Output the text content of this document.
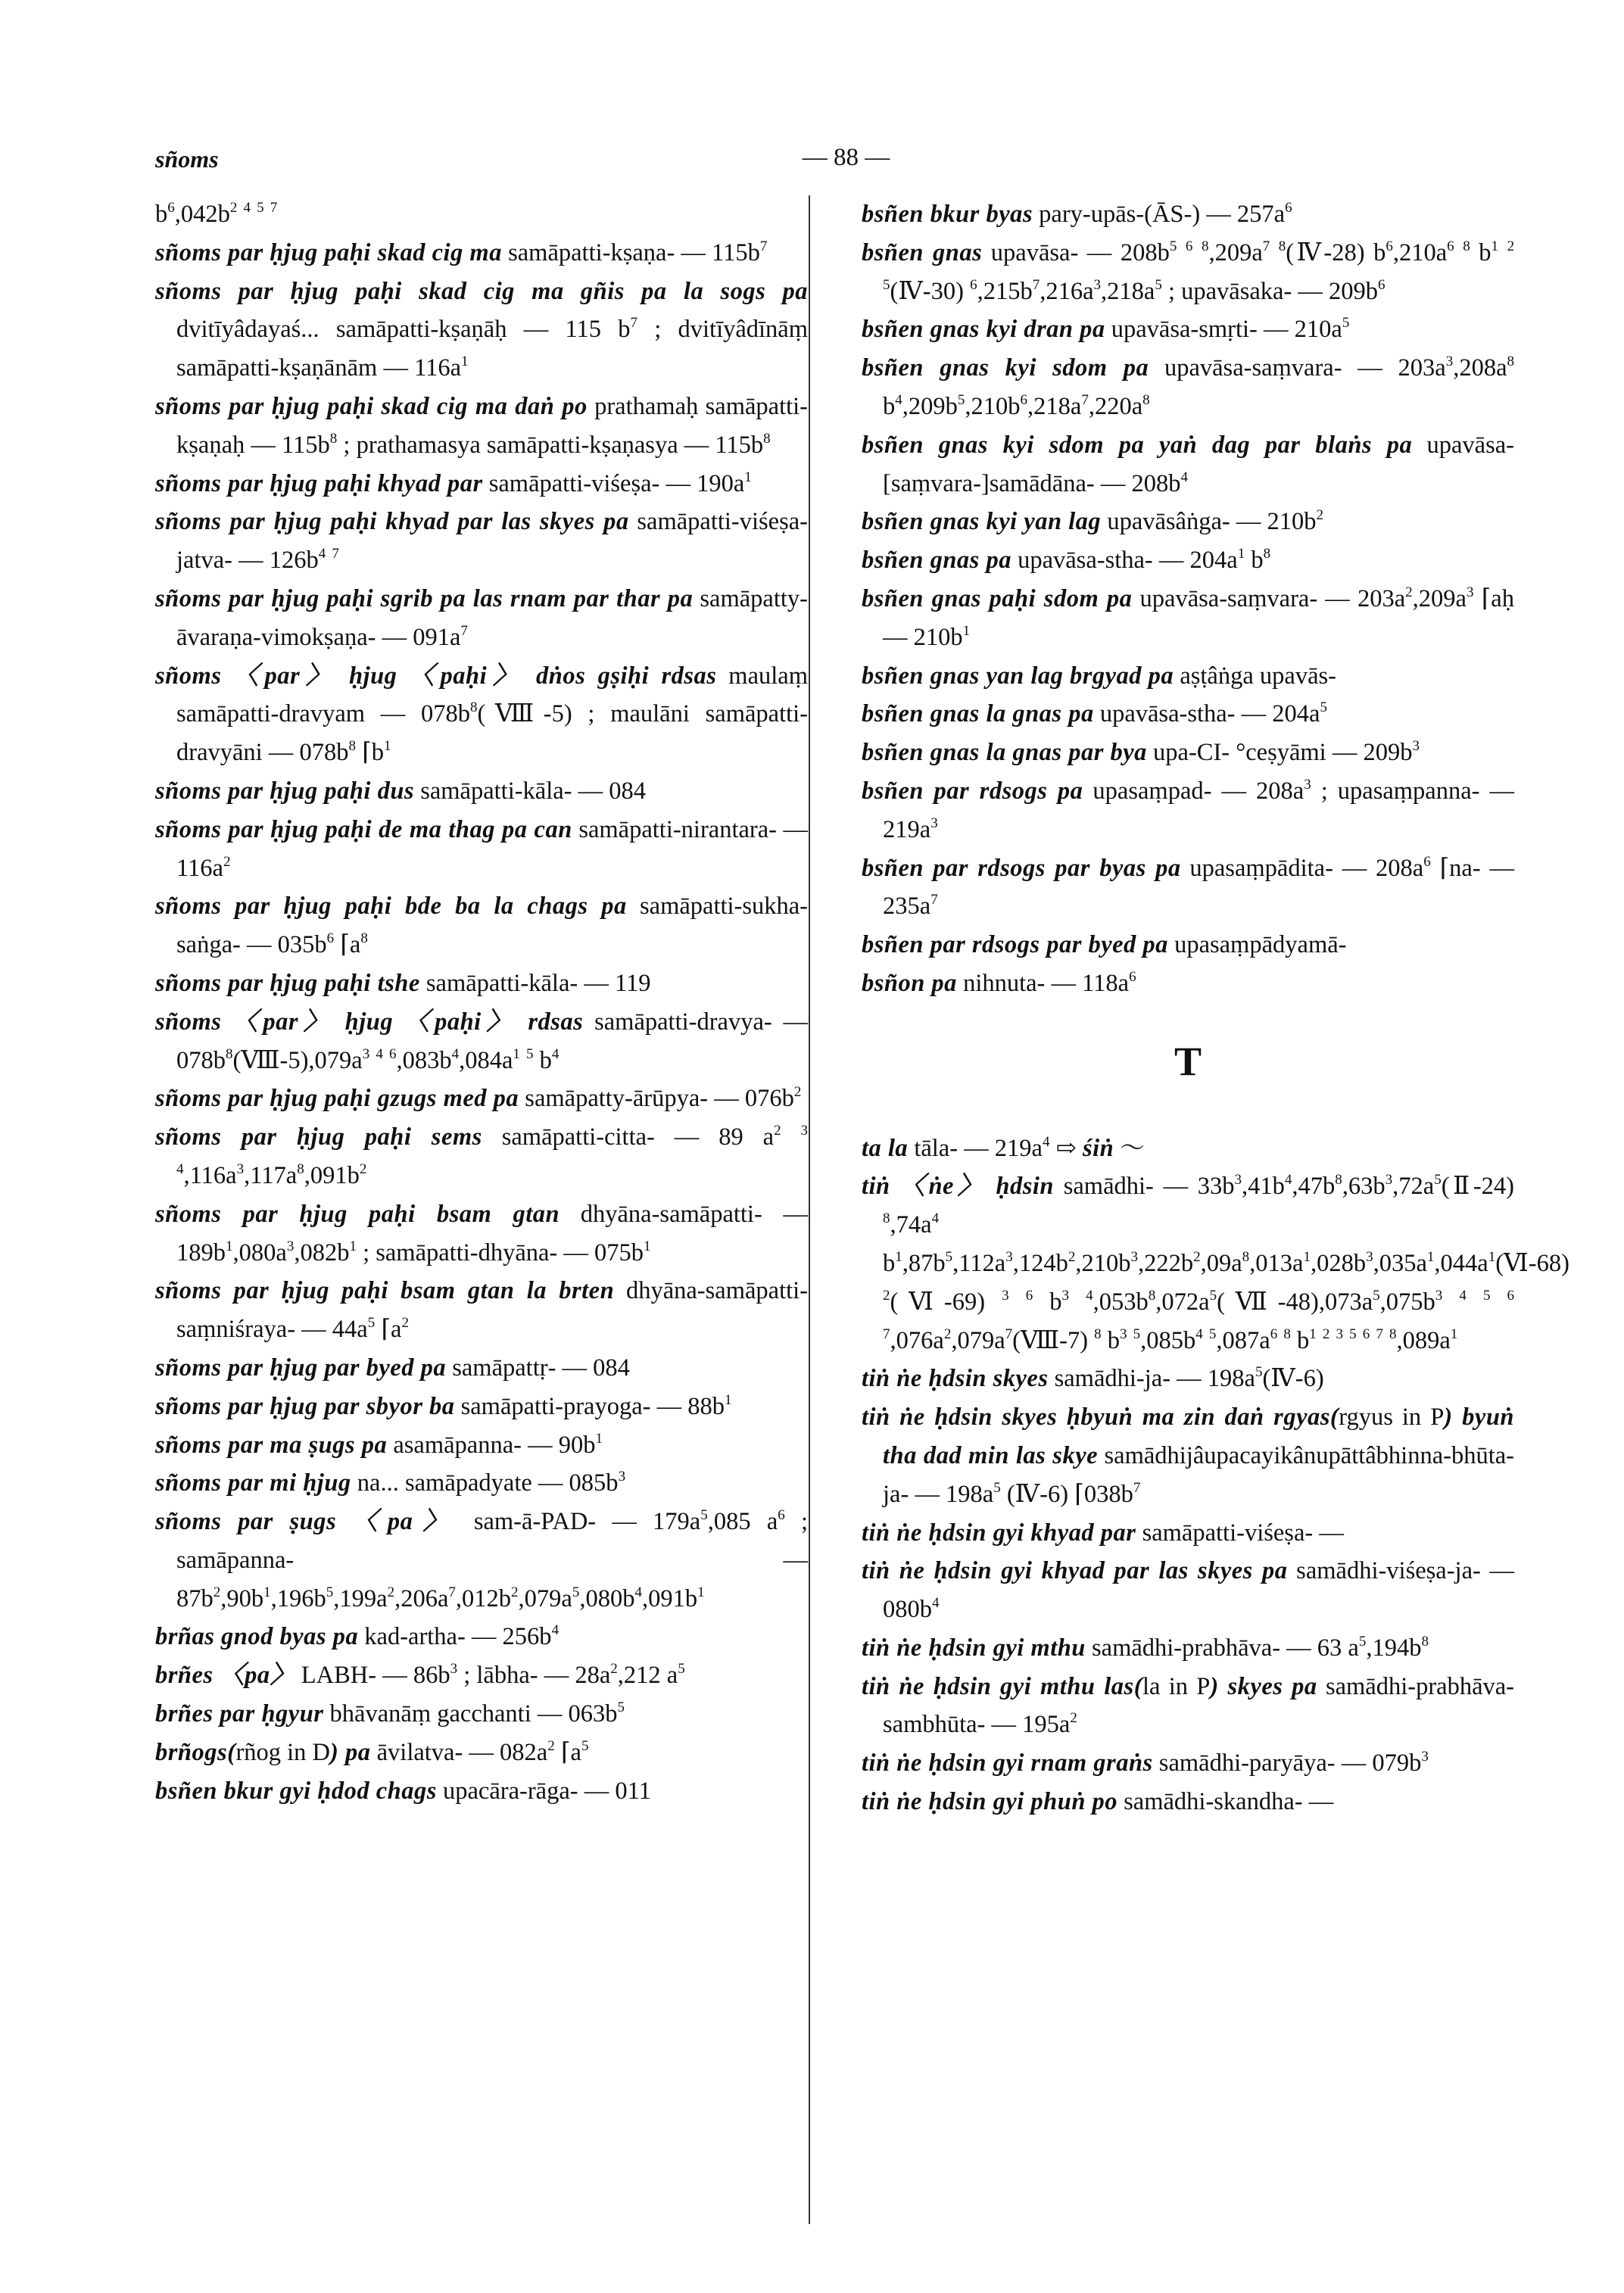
sñoms	— 88 —
$b^6,042b^2$ $^4$ $^5$ $^7$
sñoms par ḥjug paḥi skad cig ma samāpatti-kṣaṇa- — $115b^7$
sñoms par ḥjug paḥi skad cig ma gñis pa la sogs pa dvitīyâdayaś... samāpatti-kṣaṇāḥ — 115 $b^7$ ; dvitīyâdīnāṃ samāpatti-kṣaṇānām — $116a^1$
sñoms par ḥjug paḥi skad cig ma daṅ po prathamaḥ samāpatti-kṣaṇaḥ — $115b^8$ ; prathamasya samāpatti-kṣaṇasya — $115b^8$
sñoms par ḥjug paḥi khyad par samāpatti-viśeṣa- — $190a^1$
sñoms par ḥjug paḥi khyad par las skyes pa samāpatti-viśeṣa-jatva- — $126b^4$ $^7$
sñoms par ḥjug paḥi sgrib pa las rnam par thar pa samāpatty-āvaraṇa-vimokṣaṇa- — $091a^7$
sñoms 〈par〉 ḥjug 〈paḥi〉 dṅos gṣiḥi rdsas maulaṃ samāpatti-dravyam — $078b^8(Ⅷ-5)$ ; maulāni samāpatti-dravyāni — $078b^8$ $⌈b^1$
sñoms par ḥjug paḥi dus samāpatti-kāla- — 084
sñoms par ḥjug paḥi de ma thag pa can samāpatti-nirantara- — $116a^2$
sñoms par ḥjug paḥi bde ba la chags pa samāpatti-sukha-saṅga- — $035b^6$ $⌈a^8$
sñoms par ḥjug paḥi tshe samāpatti-kāla- — 119
sñoms 〈par〉 ḥjug 〈paḥi〉 rdsas samāpatti-dravya- — $078b^8(Ⅷ-5),079a^3$ $^4$ $^6,083b^4,084a^1$ $^5$ $b^4$
sñoms par ḥjug paḥi gzugs med pa samāpatty-ārūpya- — $076b^2$
sñoms par ḥjug paḥi sems samāpatti-citta- — 89 $a^2$ $^3$ $^4,116a^3,117a^8,091b^2$
sñoms par ḥjug paḥi bsam gtan dhyāna-samāpatti- — $189b^1,080a^3,082b^1$ ; samāpatti-dhyāna- — $075b^1$
sñoms par ḥjug paḥi bsam gtan la brten dhyāna-samāpatti-saṃniśraya- — $44a^5$ $⌈a^2$
sñoms par ḥjug par byed pa samāpattṛ- — 084
sñoms par ḥjug par sbyor ba samāpatti-prayoga- — $88b^1$
sñoms par ma ṣugs pa asamāpanna- — $90b^1$
sñoms par mi ḥjug na... samāpadyate — $085b^3$
sñoms par ṣugs 〈pa〉 sam-ā-PAD- — $179a^5,085$ $a^6$ ; samāpanna- — $87b^2,90b^1,196b^5,199a^2,206a^7,012b^2,079a^5,080b^4,091b^1$
brñas gnod byas pa kad-artha- — $256b^4$
brñes 〈pa〉 LABH- — $86b^3$ ; lābha- — $28a^2,212$ $a^5$
brñes par ḥgyur bhāvanāṃ gacchanti — $063b^5$
brñogs(rñog in D) pa āvilatva- — $082a^2$ $⌈a^5$
bsñen bkur gyi ḥdod chags upacāra-rāga- — 011
bsñen bkur byas pary-upās-(ĀS-) — $257a^6$
bsñen gnas upavāsa- — $208b^5$ $^6$ $^8,209a^7$ $^8$(Ⅳ-28) $b^6,210a^6$ $^8$ $b^1$ $^2$ $^5$(Ⅳ-30) $^6,215b^7,216a^3,218a^5$ ; upavāsaka- — $209b^6$
bsñen gnas kyi dran pa upavāsa-smṛti- — $210a^5$
bsñen gnas kyi sdom pa upavāsa-saṃvara- — $203a^3,208a^8$ $b^4,209b^5,210b^6,218a^7,220a^8$
bsñen gnas kyi sdom pa yaṅ dag par blaṅs pa upavāsa-[saṃvara-]samādāna- — $208b^4$
bsñen gnas kyi yan lag upavāsâṅga- — $210b^2$
bsñen gnas pa upavāsa-stha- — $204a^1$ $b^8$
bsñen gnas paḥi sdom pa upavāsa-saṃvara- — $203a^2,209a^3$ ⌈aḥ — $210b^1$
bsñen gnas yan lag brgyad pa aṣṭâṅga upavās-
bsñen gnas la gnas pa upavāsa-stha- — $204a^5$
bsñen gnas la gnas par bya upa-CI- °ceṣyāmi — $209b^3$
bsñen par rdsogs pa upasaṃpad- — $208a^3$ ; upasaṃpanna- — $219a^3$
bsñen par rdsogs par byas pa upasaṃpādita- — $208a^6$ ⌈na- — $235a^7$
bsñen par rdsogs par byed pa upasaṃpādyamā-
bsñon pa nihnuta- — $118a^6$
T
ta la tāla- — $219a^4$ ⇨ śiṅ ～
tiṅ 〈ṅe〉 ḥdsin samādhi- — $33b^3,41b^4,47b^8,63b^3,72a^5(Ⅱ-24)$ $^8,74a^4$ $b^1,87b^5,112a^3,124b^2,210b^3,222b^2,09a^8,013a^1,028b^3,035a^1,044a^1(Ⅵ-68)$ $^2$(Ⅵ-69) $^3$ $^6$ $b^3$ $^4,053b^8,072a^5(Ⅶ-48),073a^5,075b^3$ $^4$ $^5$ $^6$ $^7,076a^2,079a^7(Ⅷ-7)$ $^8$ $b^3$ $^5,085b^4$ $^5,087a^6$ $^8$ $b^1$ $^2$ $^3$ $^5$ $^6$ $^7$ $^8,089a^1$
tiṅ ṅe ḥdsin skyes samādhi-ja- — $198a^5(Ⅳ-6)$
tiṅ ṅe ḥdsin skyes ḥbyuṅ ma zin daṅ rgyas(rgyus in P) byuṅ tha dad min las skye samādhijâupacayikânupāttâbhinna-bhūta-ja- — $198a^5$ (Ⅳ-6) $⌈038b^7$
tiṅ ṅe ḥdsin gyi khyad par samāpatti-viśeṣa- —
tiṅ ṅe ḥdsin gyi khyad par las skyes pa samādhi-viśeṣa-ja- — $080b^4$
tiṅ ṅe ḥdsin gyi mthu samādhi-prabhāva- — 63 $a^5,194b^8$
tiṅ ṅe ḥdsin gyi mthu las(la in P) skyes pa samādhi-prabhāva-sambhūta- — $195a^2$
tiṅ ṅe ḥdsin gyi rnam graṅs samādhi-paryāya- — $079b^3$
tiṅ ṅe ḥdsin gyi phuṅ po samādhi-skandha- —
